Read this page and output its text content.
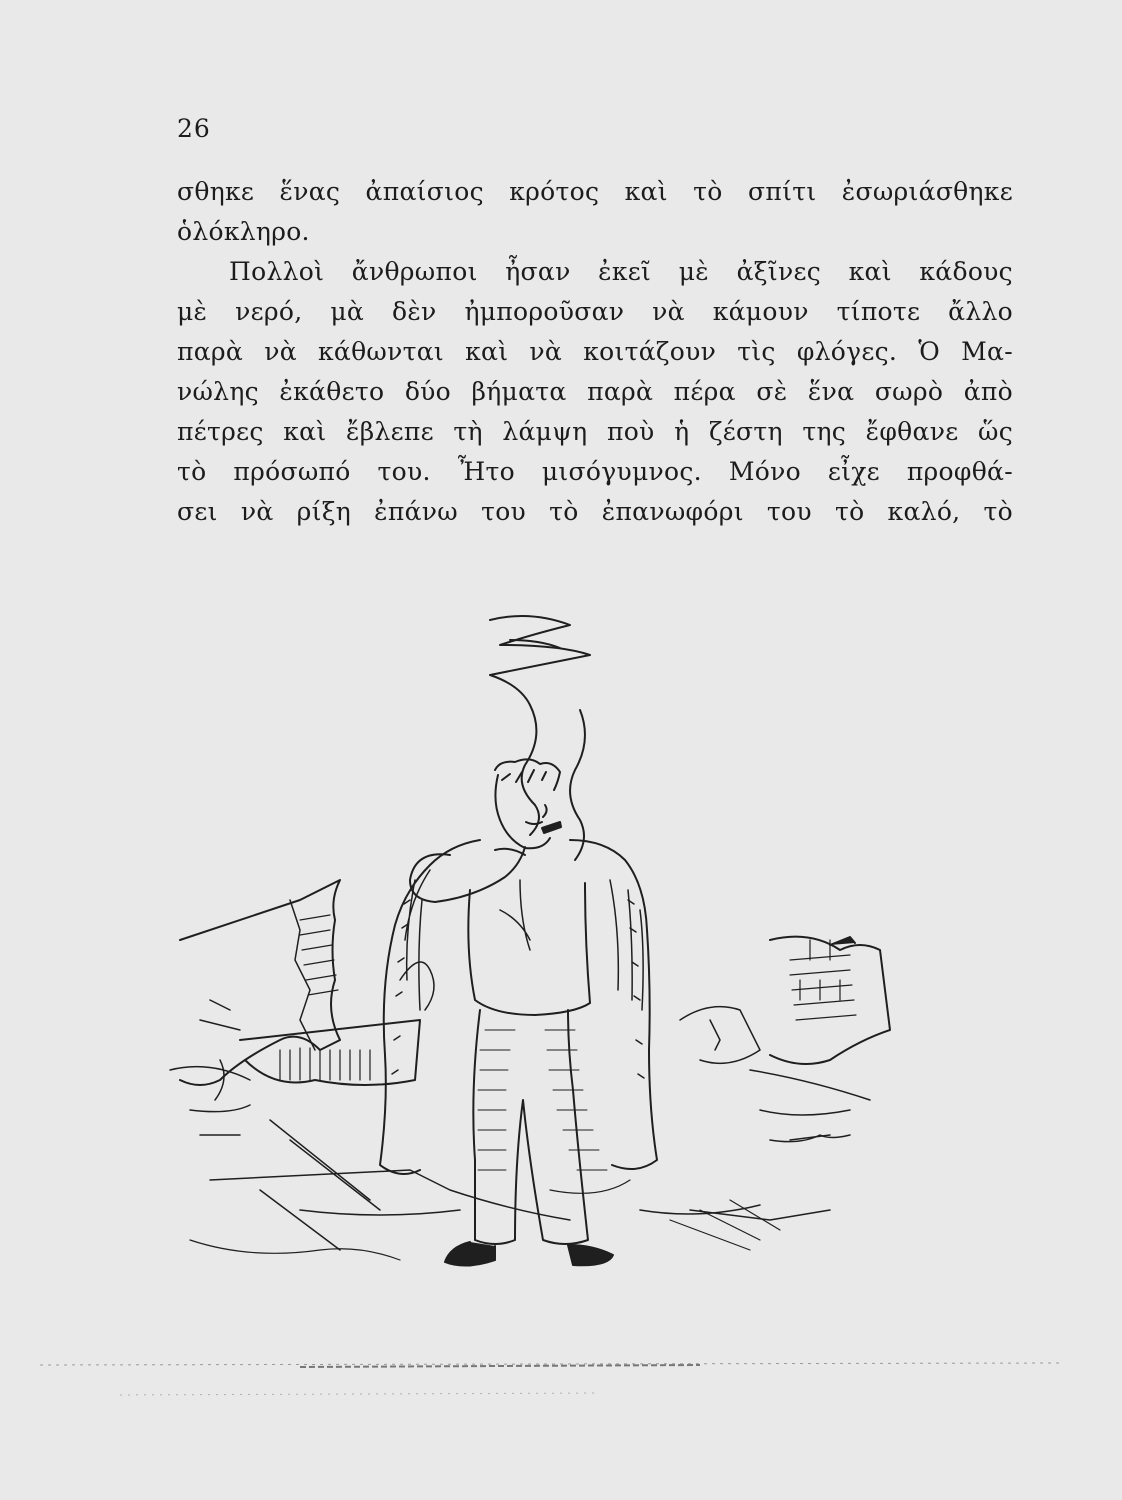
26
σθηκε ἕνας ἀπαίσιος κρότος καὶ τὸ σπίτι ἐσωριάσθηκε
ὁλόκληρο.
Πολλοὶ ἄνθρωποι ἦσαν ἐκεῖ μὲ ἀξῖνες καὶ κάδους
μὲ νερό, μὰ δὲν ἠμποροῦσαν νὰ κάμουν τίποτε ἄλλο
παρὰ νὰ κάθωνται καὶ νὰ κοιτάζουν τὶς φλόγες. Ὁ Μα-
νώλης ἐκάθετο δύο βήματα παρὰ πέρα σὲ ἕνα σωρὸ ἀπὸ
πέτρες καὶ ἔβλεπε τὴ λάμψη ποὺ ἡ ζέστη της ἔφθανε ὥς
τὸ πρόσωπό του. Ἦτο μισόγυμνος. Μόνο εἶχε προφθά-
σει νὰ ρίξη ἐπάνω του τὸ ἐπανωφόρι του τὸ καλό, τὸ
